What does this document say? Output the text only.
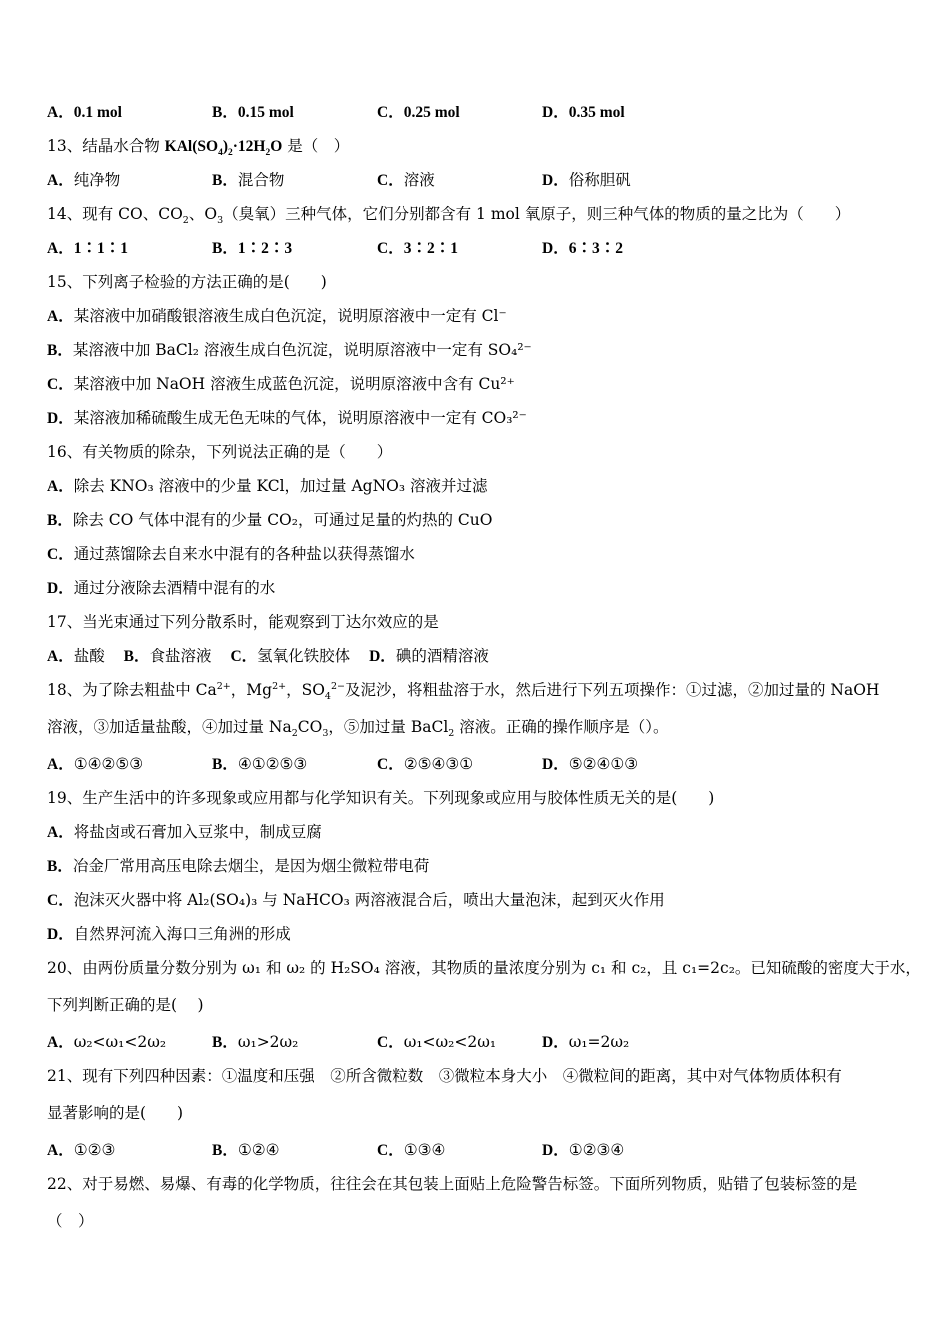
A．0.1 mol	B．0.15 mol	C．0.25 mol	D．0.35 mol
13、结晶水合物 $KAl(SO_4)_2\cdot 12H_2O$ 是（　）
A．纯净物	B．混合物	C．溶液	D．俗称胆矾
14、现有 CO、$CO_2$、$O_3$（臭氧）三种气体，它们分别都含有 1 mol 氧原子，则三种气体的物质的量之比为（　　）
A．1∶1∶1	B．1∶2∶3	C．3∶2∶1	D．6∶3∶2
15、下列离子检验的方法正确的是(　　)
A．某溶液中加硝酸银溶液生成白色沉淀，说明原溶液中一定有 Cl⁻
B．某溶液中加 BaCl₂ 溶液生成白色沉淀，说明原溶液中一定有 SO₄²⁻
C．某溶液中加 NaOH 溶液生成蓝色沉淀，说明原溶液中含有 Cu²⁺
D．某溶液加稀硫酸生成无色无味的气体，说明原溶液中一定有 CO₃²⁻
16、有关物质的除杂，下列说法正确的是（　　）
A．除去 KNO₃ 溶液中的少量 KCl，加过量 AgNO₃ 溶液并过滤
B．除去 CO 气体中混有的少量 CO₂，可通过足量的灼热的 CuO
C．通过蒸馏除去自来水中混有的各种盐以获得蒸馏水
D．通过分液除去酒精中混有的水
17、当光束通过下列分散系时，能观察到丁达尔效应的是
A．盐酸 B．食盐溶液 C．氢氧化铁胶体 D．碘的酒精溶液
18、为了除去粗盐中 $Ca^{2+}$，$Mg^{2+}$，$SO_4^{2-}$及泥沙，将粗盐溶于水，然后进行下列五项操作：①过滤，②加过量的 NaOH
溶液，③加适量盐酸，④加过量 $Na_2CO_3$，⑤加过量 BaCl$_2$ 溶液。正确的操作顺序是（）。
A．①④②⑤③	B．④①②⑤③	C．②⑤④③①	D．⑤②④①③
19、生产生活中的许多现象或应用都与化学知识有关。下列现象或应用与胶体性质无关的是(　　)
A．将盐卤或石膏加入豆浆中，制成豆腐
B．冶金厂常用高压电除去烟尘，是因为烟尘微粒带电荷
C．泡沫灭火器中将 Al₂(SO₄)₃ 与 NaHCO₃ 两溶液混合后，喷出大量泡沫，起到灭火作用
D．自然界河流入海口三角洲的形成
20、由两份质量分数分别为 ω₁ 和 ω₂ 的 H₂SO₄ 溶液，其物质的量浓度分别为 c₁ 和 c₂，且 c₁=2c₂。已知硫酸的密度大于水，
下列判断正确的是(　 )
A．ω₂<ω₁<2ω₂	B．ω₁>2ω₂	C．ω₁<ω₂<2ω₁	D．ω₁=2ω₂
21、现有下列四种因素：①温度和压强　②所含微粒数　③微粒本身大小　④微粒间的距离，其中对气体物质体积有
显著影响的是(　　)
A．①②③	B．①②④	C．①③④	D．①②③④
22、对于易燃、易爆、有毒的化学物质，往往会在其包装上面贴上危险警告标签。下面所列物质，贴错了包装标签的是
（　）
